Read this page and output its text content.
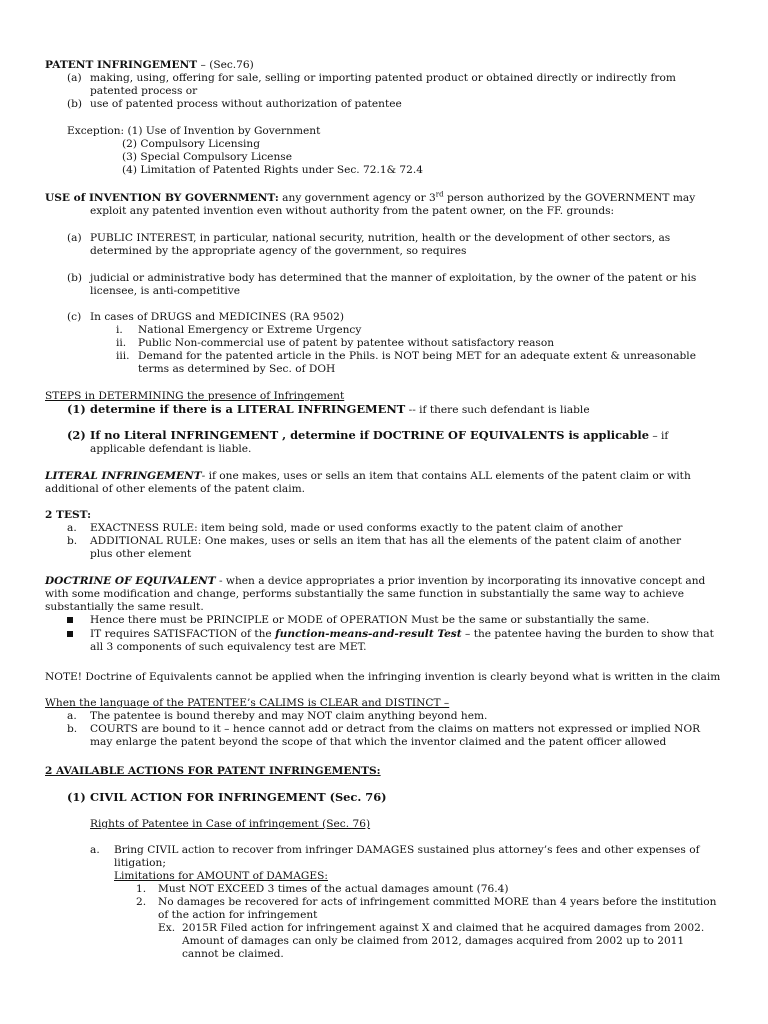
PATENT INFRINGEMENT – (Sec.76)
(a) making, using, offering for sale, selling or importing patented product or obtained directly or indirectly from patented process or
(b) use of patented process without authorization of patentee
Exception: (1) Use of Invention by Government
(2) Compulsory Licensing
(3) Special Compulsory License
(4) Limitation of Patented Rights under Sec. 72.1& 72.4
USE of INVENTION BY GOVERNMENT: any government agency or 3rd person authorized by the GOVERNMENT may exploit any patented invention even without authority from the patent owner, on the FF. grounds:
(a) PUBLIC INTEREST, in particular, national security, nutrition, health or the development of other sectors, as determined by the appropriate agency of the government, so requires
(b) judicial or administrative body has determined that the manner of exploitation, by the owner of the patent or his licensee, is anti-competitive
(c) In cases of DRUGS and MEDICINES (RA 9502)
i.	National Emergency or Extreme Urgency
ii.	Public Non-commercial use of patent by patentee without satisfactory reason
iii. Demand for the patented article in the Phils. is NOT being MET for an adequate extent & unreasonable terms as determined by Sec. of DOH
STEPS in DETERMINING the presence of Infringement
(1) determine if there is a LITERAL INFRINGEMENT -- if there such defendant is liable
(2) If no Literal INFRINGEMENT , determine if DOCTRINE OF EQUIVALENTS is applicable – if applicable defendant is liable.
LITERAL INFRINGEMENT- if one makes, uses or sells an item that contains ALL elements of the patent claim or with additional of other elements of the patent claim.
2 TEST:
a.	EXACTNESS RULE: item being sold, made or used conforms exactly to the patent claim of another
b.	ADDITIONAL RULE: One makes, uses or sells an item that has all the elements of the patent claim of another plus other element
DOCTRINE OF EQUIVALENT - when a device appropriates a prior invention by incorporating its innovative concept and with some modification and change, performs substantially the same function in substantially the same way to achieve substantially the same result.
Hence there must be PRINCIPLE or MODE of OPERATION Must be the same or substantially the same.
IT requires SATISFACTION of the function-means-and-result Test – the patentee having the burden to show that all 3 components of such equivalency test are MET.
NOTE! Doctrine of Equivalents cannot be applied when the infringing invention is clearly beyond what is written in the claim
When the language of the PATENTEE’s CALIMS is CLEAR and DISTINCT –
a.	The patentee is bound thereby and may NOT claim anything beyond hem.
b.	COURTS are bound to it – hence cannot add or detract from the claims on matters not expressed or implied NOR may enlarge the patent beyond the scope of that which the inventor claimed and the patent officer allowed
2 AVAILABLE ACTIONS FOR PATENT INFRINGEMENTS:
(1) CIVIL ACTION FOR INFRINGEMENT (Sec. 76)
Rights of Patentee in Case of infringement (Sec. 76)
a.	Bring CIVIL action to recover from infringer DAMAGES sustained plus attorney’s fees and other expenses of litigation;
Limitations for AMOUNT of DAMAGES:
1.	Must NOT EXCEED 3 times of the actual damages amount (76.4)
2.	No damages be recovered for acts of infringement committed MORE than 4 years before the institution of the action for infringement
Ex. 2015R Filed action for infringement against X and claimed that he acquired damages from 2002.
Amount of damages can only be claimed from 2012, damages acquired from 2002 up to 2011 cannot be claimed.
